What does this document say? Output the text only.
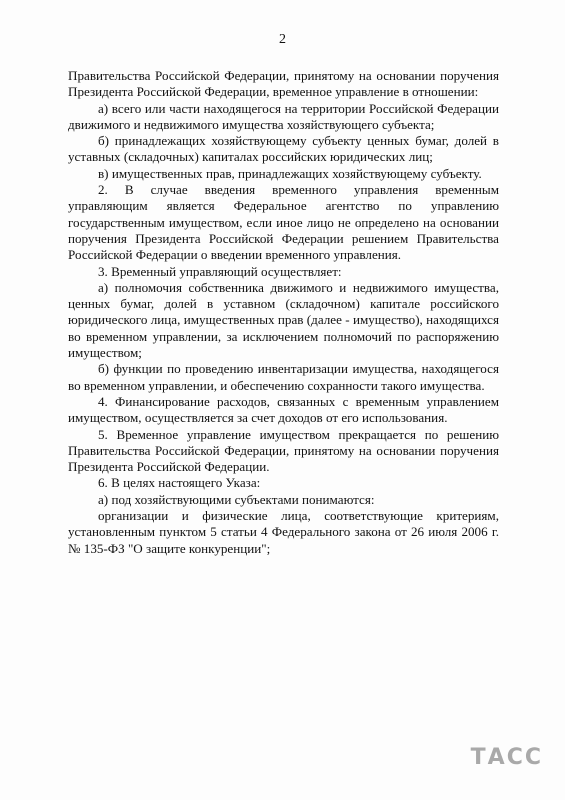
2

Правительства Российской Федерации, принятому на основании поручения Президента Российской Федерации, временное управление в отношении:

а) всего или части находящегося на территории Российской Федерации движимого и недвижимого имущества хозяйствующего субъекта;

б) принадлежащих хозяйствующему субъекту ценных бумаг, долей в уставных (складочных) капиталах российских юридических лиц;

в) имущественных прав, принадлежащих хозяйствующему субъекту.

2. В случае введения временного управления временным управляющим является Федеральное агентство по управлению государственным имуществом, если иное лицо не определено на основании поручения Президента Российской Федерации решением Правительства Российской Федерации о введении временного управления.

3. Временный управляющий осуществляет:

а) полномочия собственника движимого и недвижимого имущества, ценных бумаг, долей в уставном (складочном) капитале российского юридического лица, имущественных прав (далее - имущество), находящихся во временном управлении, за исключением полномочий по распоряжению имуществом;

б) функции по проведению инвентаризации имущества, находящегося во временном управлении, и обеспечению сохранности такого имущества.

4. Финансирование расходов, связанных с временным управлением имуществом, осуществляется за счет доходов от его использования.

5. Временное управление имуществом прекращается по решению Правительства Российской Федерации, принятому на основании поручения Президента Российской Федерации.

6. В целях настоящего Указа:

а) под хозяйствующими субъектами понимаются:

организации и физические лица, соответствующие критериям, установленным пунктом 5 статьи 4 Федерального закона от 26 июля 2006 г. № 135-ФЗ "О защите конкуренции";

ТАСС
